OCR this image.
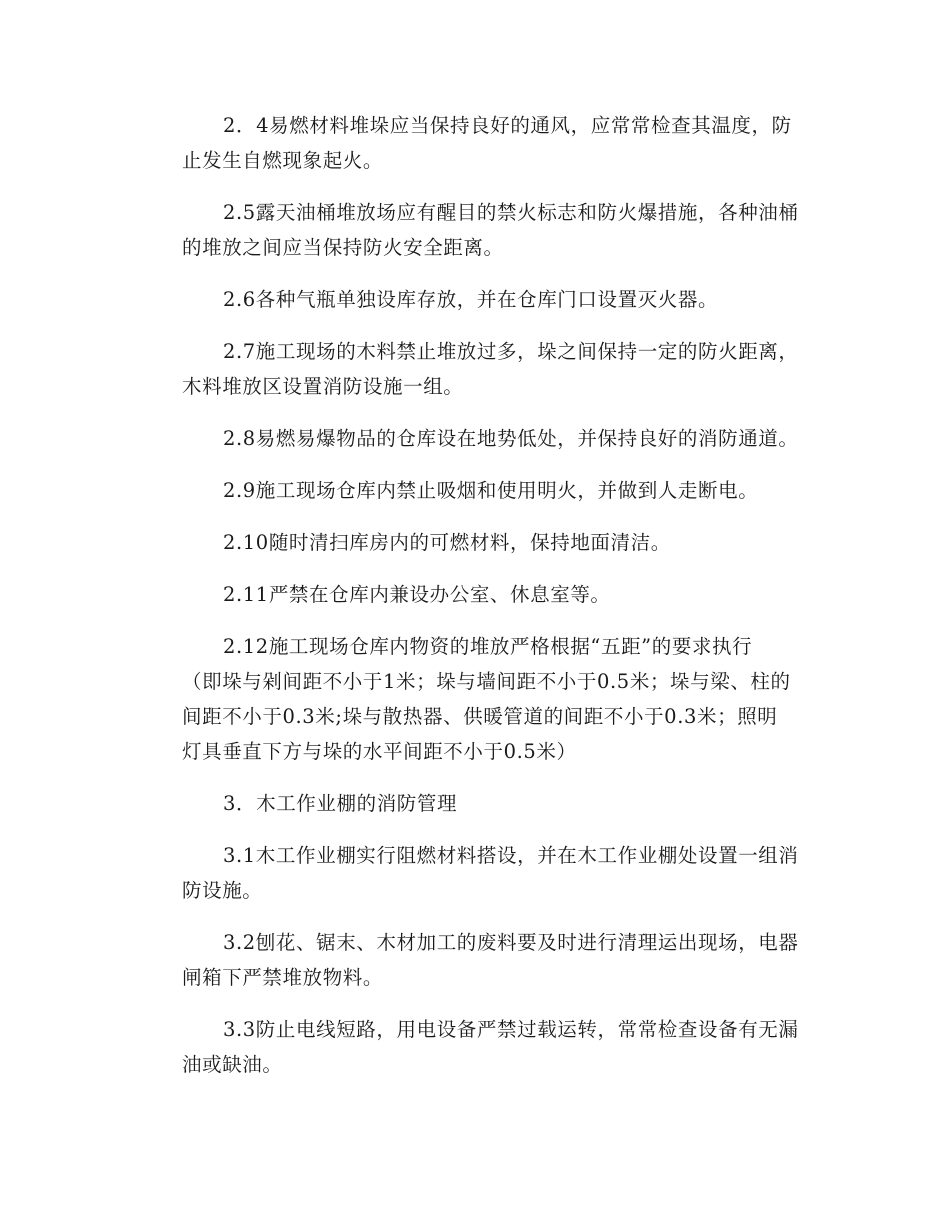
2．4易燃材料堆垛应当保持良好的通风，应常常检查其温度，防
止发生自燃现象起火。
2.5露天油桶堆放场应有醒目的禁火标志和防火爆措施，各种油桶
的堆放之间应当保持防火安全距离。
2.6各种气瓶单独设库存放，并在仓库门口设置灭火器。
2.7施工现场的木料禁止堆放过多，垛之间保持一定的防火距离，
木料堆放区设置消防设施一组。
2.8易燃易爆物品的仓库设在地势低处，并保持良好的消防通道。
2.9施工现场仓库内禁止吸烟和使用明火，并做到人走断电。
2.10随时清扫库房内的可燃材料，保持地面清洁。
2.11严禁在仓库内兼设办公室、休息室等。
2.12施工现场仓库内物资的堆放严格根据“五距”的要求执行
（即垛与剁间距不小于1米；垛与墙间距不小于0.5米；垛与梁、柱的
间距不小于0.3米;垛与散热器、供暖管道的间距不小于0.3米；照明
灯具垂直下方与垛的水平间距不小于0.5米）
3．木工作业棚的消防管理
3.1木工作业棚实行阻燃材料搭设，并在木工作业棚处设置一组消
防设施。
3.2刨花、锯末、木材加工的废料要及时进行清理运出现场，电器
闸箱下严禁堆放物料。
3.3防止电线短路，用电设备严禁过载运转，常常检查设备有无漏
油或缺油。
